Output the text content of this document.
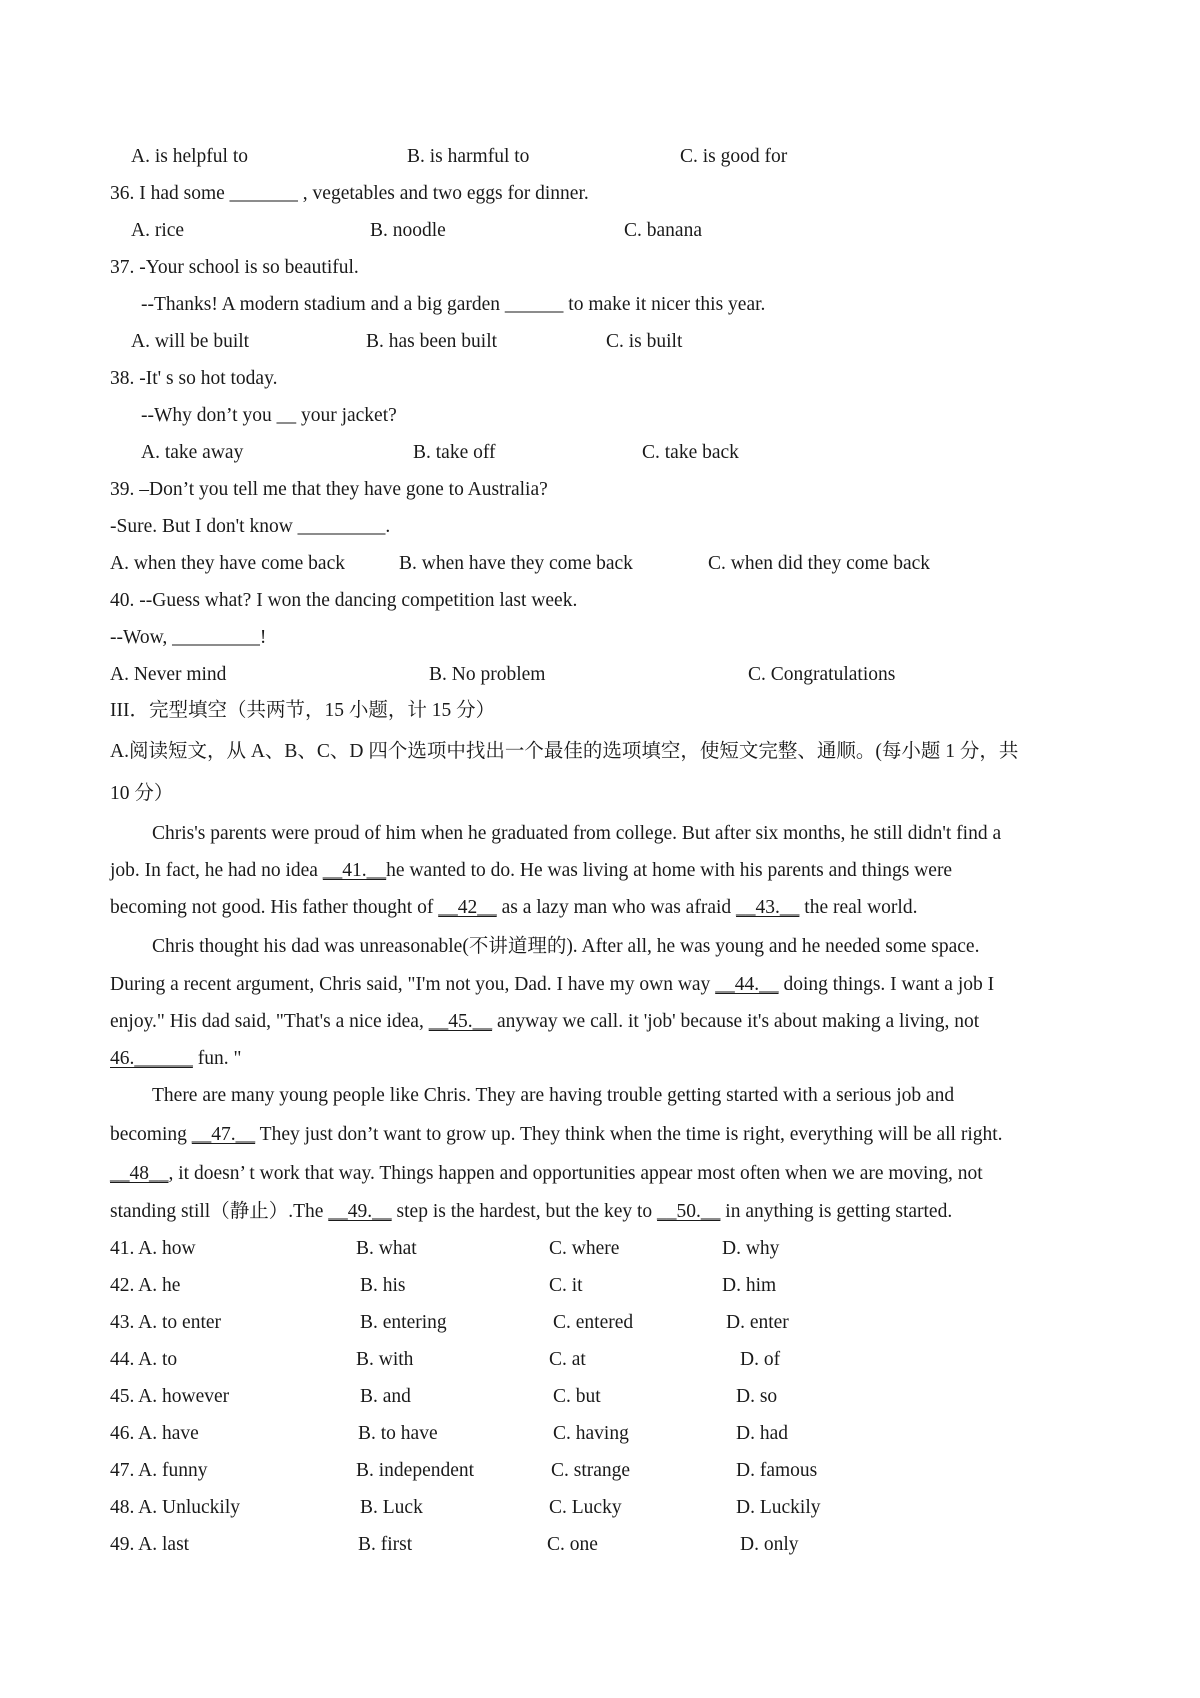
A. is helpful to	B. is harmful to	C. is good for
36. I had some _______ , vegetables and two eggs for dinner.
A. rice	B. noodle	C. banana
37. -Your school is so beautiful.
--Thanks! A modern stadium and a big garden ______ to make it nicer this year.
A. will be built	B. has been built	C. is built
38. -It' s so hot today.
--Why don’t you __ your jacket?
A. take away	B. take off	C. take back
39. –Don’t you tell me that they have gone to Australia?
-Sure. But I don't know _________.
A. when they have come back	B. when have they come back	C. when did they come back
40. --Guess what? I won the dancing competition last week.
--Wow, _________!
A. Never mind	B. No problem	C. Congratulations
III．完型填空（共两节，15 小题，计 15 分）
A.阅读短文，从 A、B、C、D 四个选项中找出一个最佳的选项填空，使短文完整、通顺。(每小题 1 分，共
10 分）
Chris's parents were proud of him when he graduated from college. But after six months, he still didn't find a
job. In fact, he had no idea __41.__he wanted to do. He was living at home with his parents and things were
becoming not good. His father thought of __42__ as a lazy man who was afraid __43.__ the real world.
Chris thought his dad was unreasonable(不讲道理的). After all, he was young and he needed some space.
During a recent argument, Chris said, "I'm not you, Dad. I have my own way __44.__ doing things. I want a job I
enjoy." His dad said, "That's a nice idea, __45.__ anyway we call. it 'job' because it's about making a living, not
46.______ fun. "
There are many young people like Chris. They are having trouble getting started with a serious job and
becoming __47.__ They just don’t want to grow up. They think when the time is right, everything will be all right.
__48__, it doesn’ t work that way. Things happen and opportunities appear most often when we are moving, not
standing still（静止）.The __49.__ step is the hardest, but the key to __50.__ in anything is getting started.
41. A. how	B. what	C. where	D. why
42. A. he	B. his	C. it	D. him
43. A. to enter	B. entering	C. entered	D. enter
44. A. to	B. with	C. at	D. of
45. A. however	B. and	C. but	D. so
46. A. have	B. to have	C. having	D. had
47. A. funny	B. independent	C. strange	D. famous
48. A. Unluckily	B. Luck	C. Lucky	D. Luckily
49. A. last	B. first	C. one	D. only
